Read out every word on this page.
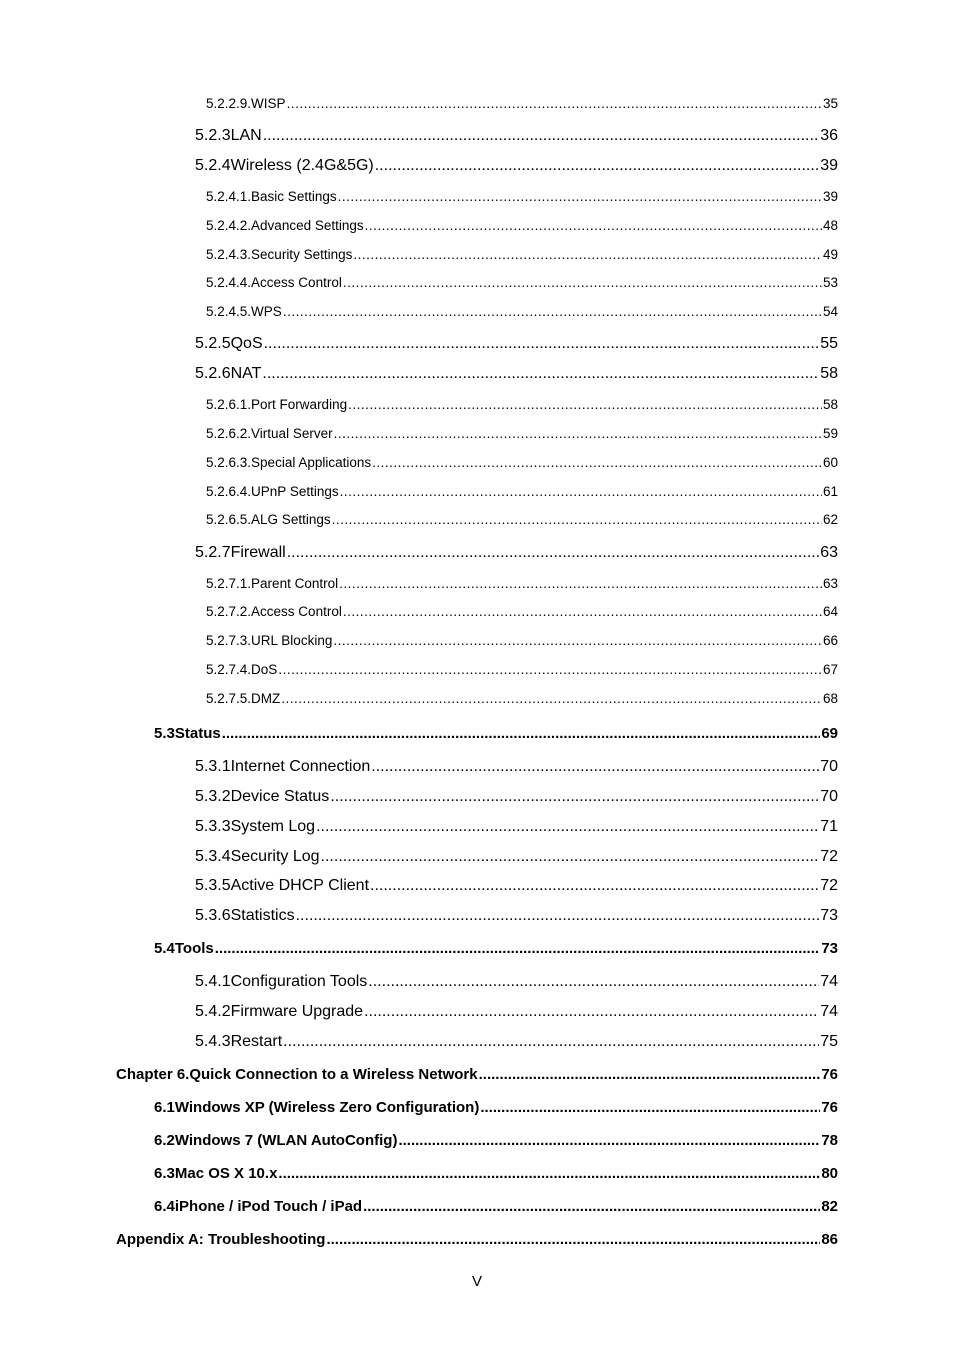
5.2.2.9. WISP .....	35
5.2.3 LAN .....	36
5.2.4 Wireless (2.4G&5G) .....	39
5.2.4.1. Basic Settings .....	39
5.2.4.2. Advanced Settings .....	48
5.2.4.3. Security Settings .....	49
5.2.4.4. Access Control .....	53
5.2.4.5. WPS .....	54
5.2.5 QoS .....	55
5.2.6 NAT .....	58
5.2.6.1. Port Forwarding .....	58
5.2.6.2. Virtual Server .....	59
5.2.6.3. Special Applications .....	60
5.2.6.4. UPnP Settings .....	61
5.2.6.5. ALG Settings .....	62
5.2.7 Firewall .....	63
5.2.7.1. Parent Control .....	63
5.2.7.2. Access Control .....	64
5.2.7.3. URL Blocking .....	66
5.2.7.4. DoS .....	67
5.2.7.5. DMZ .....	68
5.3 Status .....	69
5.3.1 Internet Connection .....	70
5.3.2 Device Status .....	70
5.3.3 System Log .....	71
5.3.4 Security Log .....	72
5.3.5 Active DHCP Client .....	72
5.3.6 Statistics .....	73
5.4 Tools .....	73
5.4.1 Configuration Tools .....	74
5.4.2 Firmware Upgrade .....	74
5.4.3 Restart .....	75
Chapter 6.Quick Connection to a Wireless Network .....	76
6.1 Windows XP (Wireless Zero Configuration) .....	76
6.2 Windows 7 (WLAN AutoConfig) .....	78
6.3 Mac OS X 10.x .....	80
6.4 iPhone / iPod Touch / iPad .....	82
Appendix A: Troubleshooting .....	86
V
